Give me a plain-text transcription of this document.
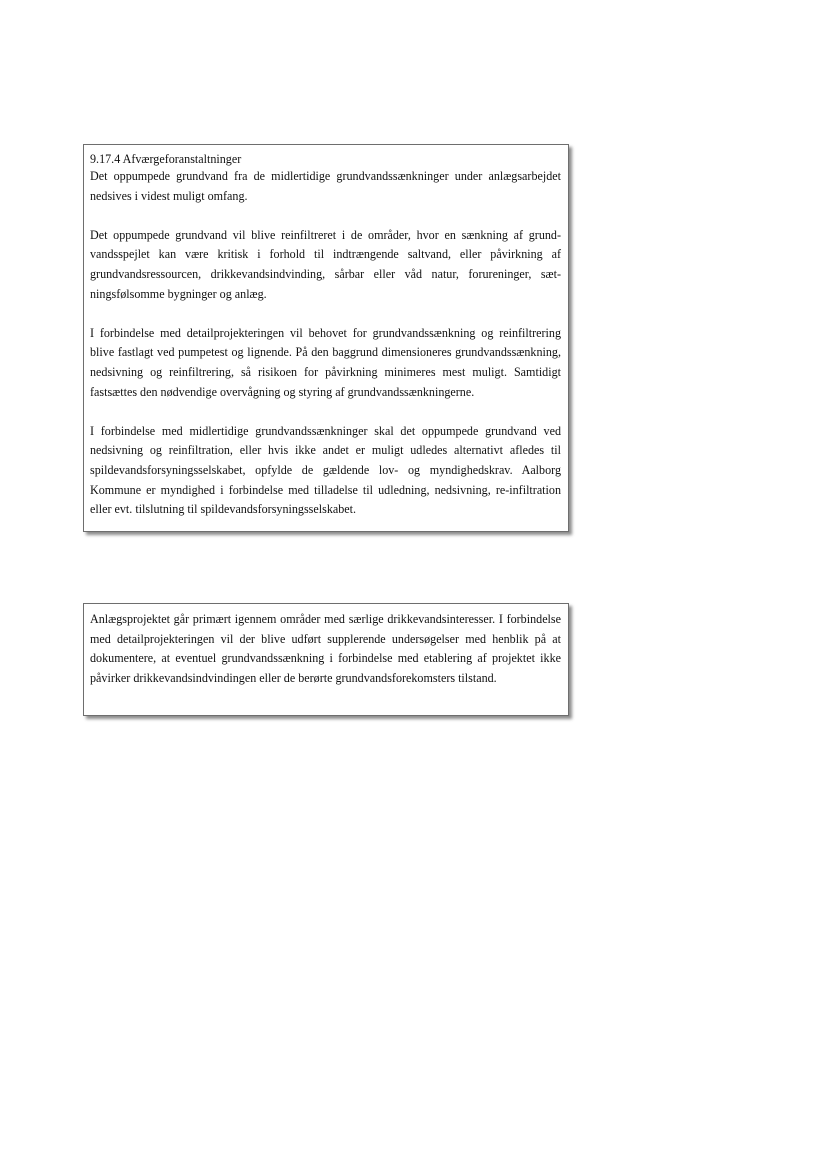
9.17.4 Afværgeforanstaltninger

Det oppumpede grundvand fra de midlertidige grundvandssænkninger under anlægsarbejdet nedsives i videst muligt omfang.

Det oppumpede grundvand vil blive reinfiltreret i de områder, hvor en sænkning af grundvandsspejlet kan være kritisk i forhold til indtrængende saltvand, eller påvirkning af grundvandsressourcen, drikkevandsindvinding, sårbar eller våd natur, forureninger, sætningsfølsomme bygninger og anlæg.

I forbindelse med detailprojekteringen vil behovet for grundvandssænkning og reinfiltrering blive fastlagt ved pumpetest og lignende. På den baggrund dimensioneres grundvandssænkning, nedsivning og reinfiltrering, så risikoen for påvirkning minimeres mest muligt. Samtidigt fastsættes den nødvendige overvågning og styring af grundvandssænkningerne.

I forbindelse med midlertidige grundvandssænkninger skal det oppumpede grundvand ved nedsivning og reinfiltration, eller hvis ikke andet er muligt udledes alternativt afledes til spildevandsforsyningsselskabet, opfylde de gældende lov- og myndighedskrav. Aalborg Kommune er myndighed i forbindelse med tilladelse til udledning, nedsivning, re-infiltration eller evt. tilslutning til spildevandsforsyningsselskabet.

Anlægsprojektet går primært igennem områder med særlige drikkevandsinteresser. I forbindelse med detailprojekteringen vil der blive udført supplerende undersøgelser med henblik på at dokumentere, at eventuel grundvandssænkning i forbindelse med etablering af projektet ikke påvirker drikkevandsindvindingen eller de berørte grundvandsforekomsters tilstand.
